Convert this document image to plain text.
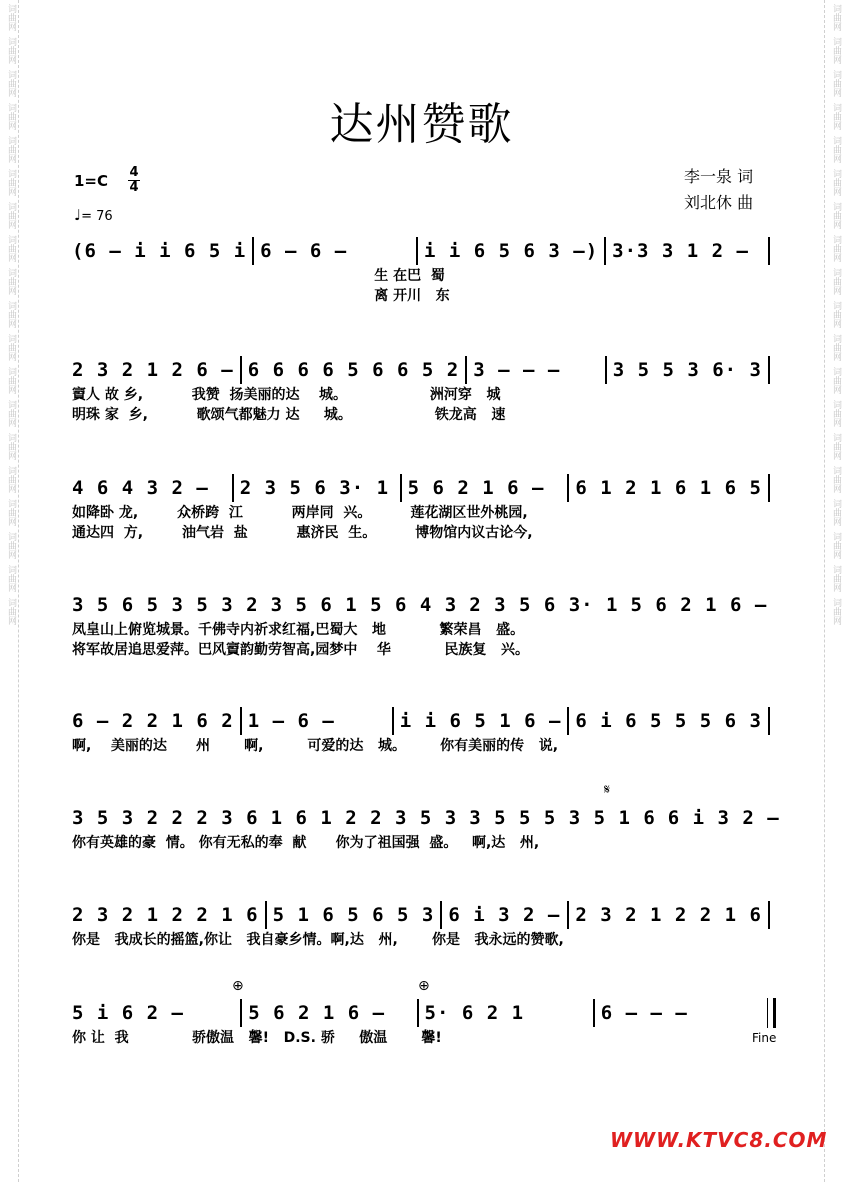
词曲网
词曲网
词曲网
词曲网
词曲网
词曲网
词曲网
词曲网
词曲网
词曲网
词曲网
词曲网
词曲网
词曲网
词曲网
词曲网
词曲网
词曲网
词曲网
词曲网
词曲网
词曲网
词曲网
词曲网
词曲网
词曲网
词曲网
词曲网
词曲网
词曲网
词曲网
词曲网
词曲网
词曲网
词曲网
词曲网
词曲网
词曲网
达州赞歌
1=C 4
4
♩= 76
李一泉 词
刘北休 曲
(6 – i i 6 5 i 6 – 6 –	i i 6 5 6 3 –) 3·3 3 1 2 –
生 在巴  蜀
离 开川   东
2 3 2 1 2 6 – 6 6 6 6 5 6 6 5 2 3 – – –	3 5 5 3 6· 3
賨人 故 乡,          我赞  扬美丽的达    城。                 洲河穿   城
明珠 家  乡,          歌颂气都魅力 达     城。                 铁龙高   速
4 6 4 3 2 –	2 3 5 6 3· 1 5 6 2 1 6 –	6 1 2 1 6 1 6 5
如降卧 龙,        众桥跨  江          两岸同  兴。        莲花湖区世外桃园,
通达四  方,        油气岩  盐          惠济民  生。        博物馆内议古论今,
3 5 6 5 3 5 3 2 3 5 6 1 5 6 4 3 2 3 5 6 3· 1 5 6 2 1 6 –
凤皇山上俯览城景。千佛寺内祈求红福,巴蜀大   地           繁荣昌   盛。
将军故居追思爱萍。巴风賨韵勤劳智高,园梦中    华           民族复   兴。
6 – 2 2 1 6 2 1 – 6 –	i i 6 5 1 6 – 6 i 6 5 5 5 6 3
啊,    美丽的达      州       啊,         可爱的达   城。       你有美丽的传   说,
𝄋
3 5 3 2 2 2 3 6 1 6 1 2 2 3 5 3 3 5 5 5 3 5 1 6 6 i 3 2 –
你有英雄的豪  情。 你有无私的奉  献      你为了祖国强  盛。   啊,达   州,
2 3 2 1 2 2 1 6 5 1 6 5 6 5 3 6 i 3 2 – 2 3 2 1 2 2 1 6
你是   我成长的摇篮,你让   我自豪乡情。啊,达   州,       你是   我永远的赞歌,
⊕	⊕
5 i 6 2 –	5 6 2 1 6 –	5· 6 2 1	6 – – –
你 让  我             骄傲温   馨!   D.S. 骄     傲温       馨!	Fine
WWW.KTVC8.COM
